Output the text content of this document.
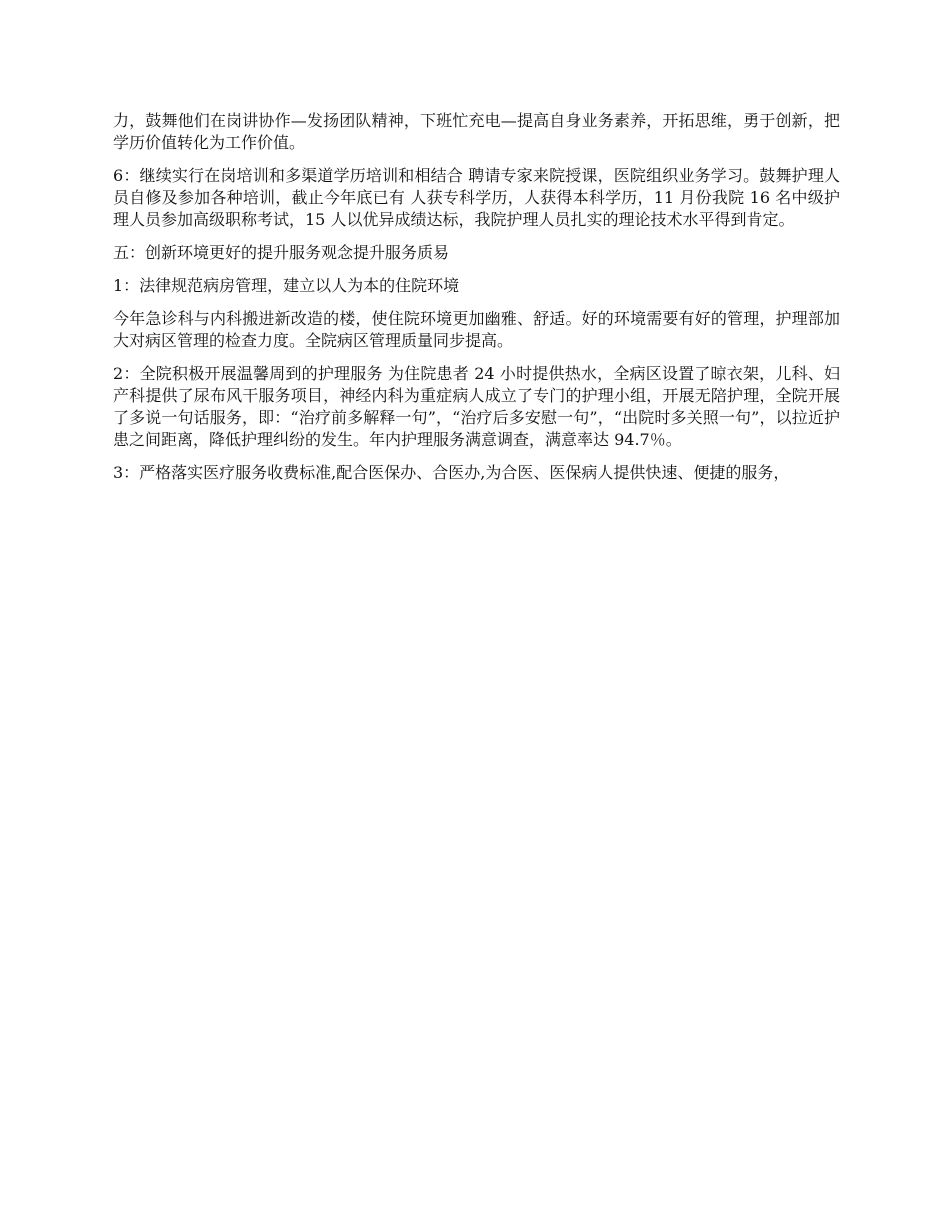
力，鼓舞他们在岗讲协作—发扬团队精神，下班忙充电—提高自身业务素养，开拓思维，勇于创新，把学历价值转化为工作价值。

6：继续实行在岗培训和多渠道学历培训和相结合 聘请专家来院授课，医院组织业务学习。鼓舞护理人员自修及参加各种培训，截止今年底已有 人获专科学历，人获得本科学历，11 月份我院 16 名中级护理人员参加高级职称考试，15 人以优异成绩达标，我院护理人员扎实的理论技术水平得到肯定。

五：创新环境更好的提升服务观念提升服务质易

1：法律规范病房管理，建立以人为本的住院环境

今年急诊科与内科搬进新改造的楼，使住院环境更加幽雅、舒适。好的环境需要有好的管理，护理部加大对病区管理的检查力度。全院病区管理质量同步提高。

2：全院积极开展温馨周到的护理服务 为住院患者 24 小时提供热水，全病区设置了晾衣架，儿科、妇产科提供了尿布风干服务项目，神经内科为重症病人成立了专门的护理小组，开展无陪护理，全院开展了多说一句话服务，即：“治疗前多解释一句”，“治疗后多安慰一句”，“出院时多关照一句”，以拉近护患之间距离，降低护理纠纷的发生。年内护理服务满意调查，满意率达 94.7％。

3：严格落实医疗服务收费标准,配合医保办、合医办,为合医、医保病人提供快速、便捷的服务，
